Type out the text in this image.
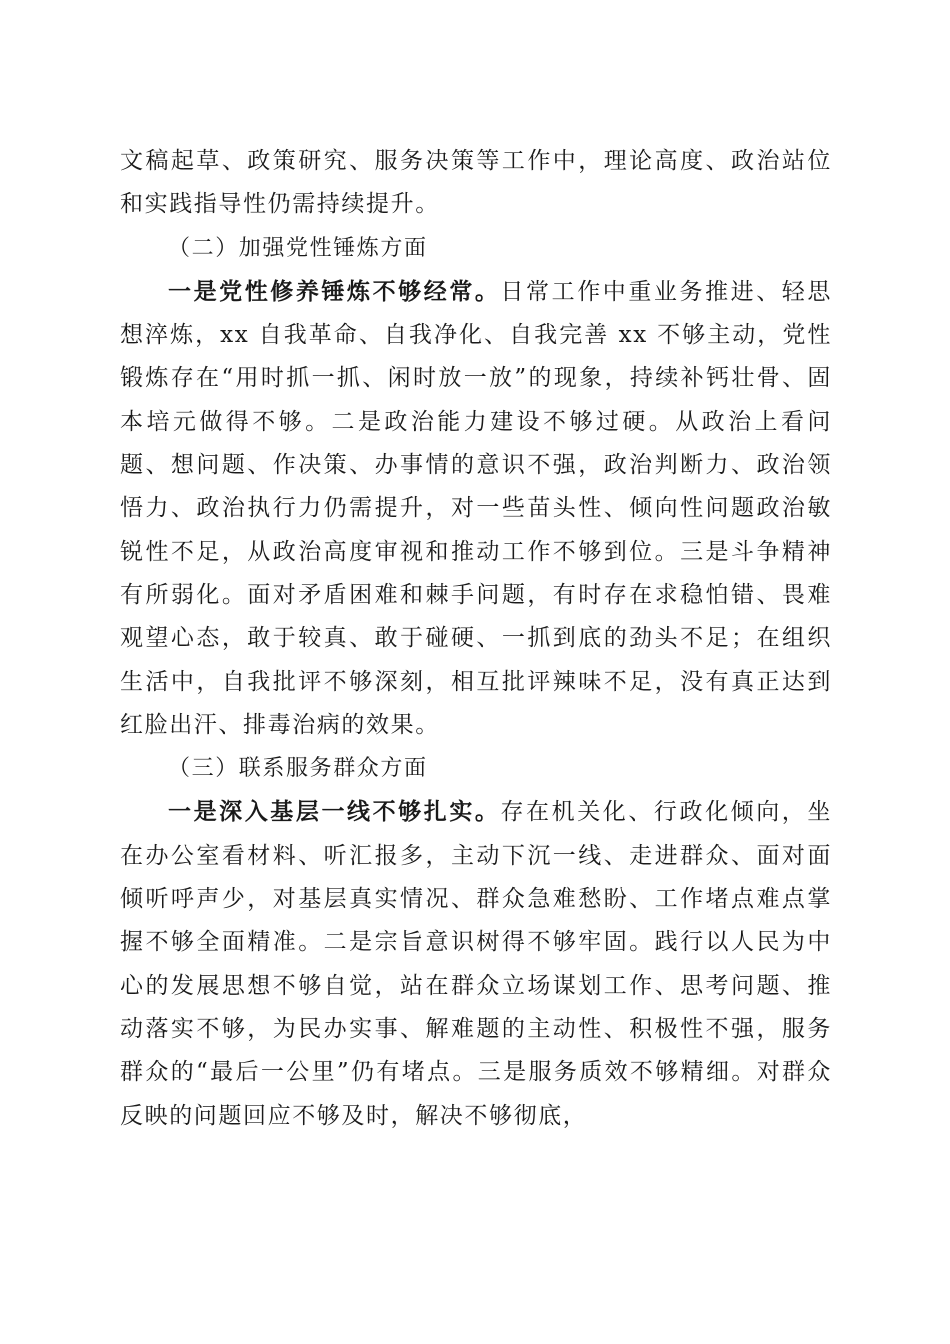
文稿起草、政策研究、服务决策等工作中，理论高度、政治站位和实践指导性仍需持续提升。

（二）加强党性锤炼方面

一是党性修养锤炼不够经常。日常工作中重业务推进、轻思想淬炼，xx 自我革命、自我净化、自我完善 xx 不够主动，党性锻炼存在“用时抓一抓、闲时放一放”的现象，持续补钙壮骨、固本培元做得不够。二是政治能力建设不够过硬。从政治上看问题、想问题、作决策、办事情的意识不强，政治判断力、政治领悟力、政治执行力仍需提升，对一些苗头性、倾向性问题政治敏锐性不足，从政治高度审视和推动工作不够到位。三是斗争精神有所弱化。面对矛盾困难和棘手问题，有时存在求稳怕错、畏难观望心态，敢于较真、敢于碰硬、一抓到底的劲头不足；在组织生活中，自我批评不够深刻，相互批评辣味不足，没有真正达到红脸出汗、排毒治病的效果。

（三）联系服务群众方面

一是深入基层一线不够扎实。存在机关化、行政化倾向，坐在办公室看材料、听汇报多，主动下沉一线、走进群众、面对面倾听呼声少，对基层真实情况、群众急难愁盼、工作堵点难点掌握不够全面精准。二是宗旨意识树得不够牢固。践行以人民为中心的发展思想不够自觉，站在群众立场谋划工作、思考问题、推动落实不够，为民办实事、解难题的主动性、积极性不强，服务群众的“最后一公里”仍有堵点。三是服务质效不够精细。对群众反映的问题回应不够及时，解决不够彻底，
